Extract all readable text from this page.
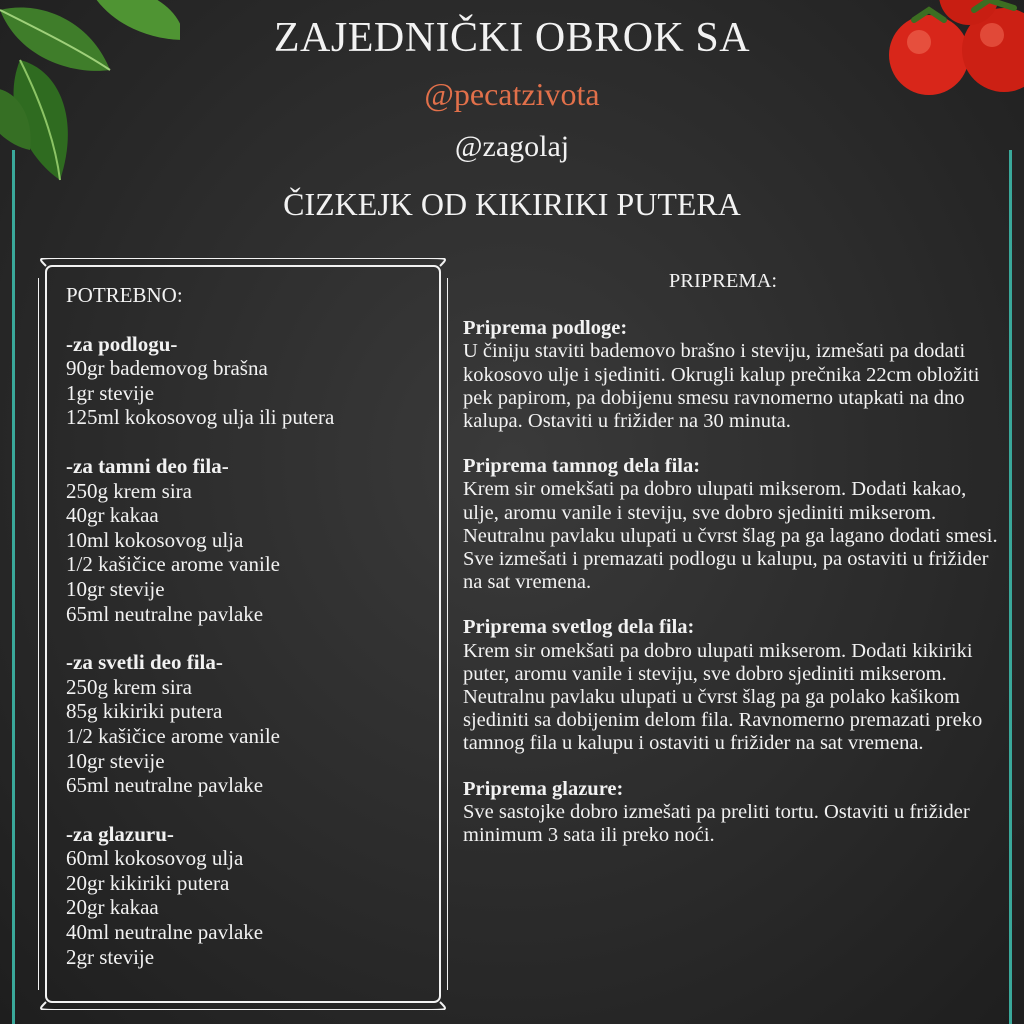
ZAJEDNIČKI OBROK SA
@pecatzivota
@zagolaj
ČIZKEJK OD KIKIRIKI PUTERA
POTREBNO:
-za podlogu-
90gr bademovog brašna
1gr stevije
125ml kokosovog ulja ili putera
-za tamni deo fila-
250g krem sira
40gr kakaa
10ml kokosovog ulja
1/2 kašičice arome vanile
10gr stevije
65ml neutralne pavlake
-za svetli deo fila-
250g krem sira
85g kikiriki putera
1/2 kašičice arome vanile
10gr stevije
65ml neutralne pavlake
-za glazuru-
60ml kokosovog ulja
20gr kikiriki putera
20gr kakaa
40ml neutralne pavlake
2gr stevije
PRIPREMA:
Priprema podloge:
U činiju staviti bademovo brašno i steviju, izmešati pa dodati kokosovo ulje i sjediniti. Okrugli kalup prečnika 22cm obložiti pek papirom, pa dobijenu smesu ravnomerno utapkati na dno kalupa. Ostaviti u frižider na 30 minuta.
Priprema tamnog dela fila:
Krem sir omekšati pa dobro ulupati mikserom. Dodati kakao, ulje, aromu vanile i steviju, sve dobro sjediniti mikserom. Neutralnu pavlaku ulupati u čvrst šlag pa ga lagano dodati smesi. Sve izmešati i premazati podlogu u kalupu, pa ostaviti u frižider na sat vremena.
Priprema svetlog dela fila:
Krem sir omekšati pa dobro ulupati mikserom. Dodati kikiriki puter, aromu vanile i steviju, sve dobro sjediniti mikserom. Neutralnu pavlaku ulupati u čvrst šlag pa ga polako kašikom sjediniti sa dobijenim delom fila. Ravnomerno premazati preko tamnog fila u kalupu i ostaviti u frižider na sat vremena.
Priprema glazure:
Sve sastojke dobro izmešati pa preliti tortu. Ostaviti u frižider minimum 3 sata ili preko noći.
